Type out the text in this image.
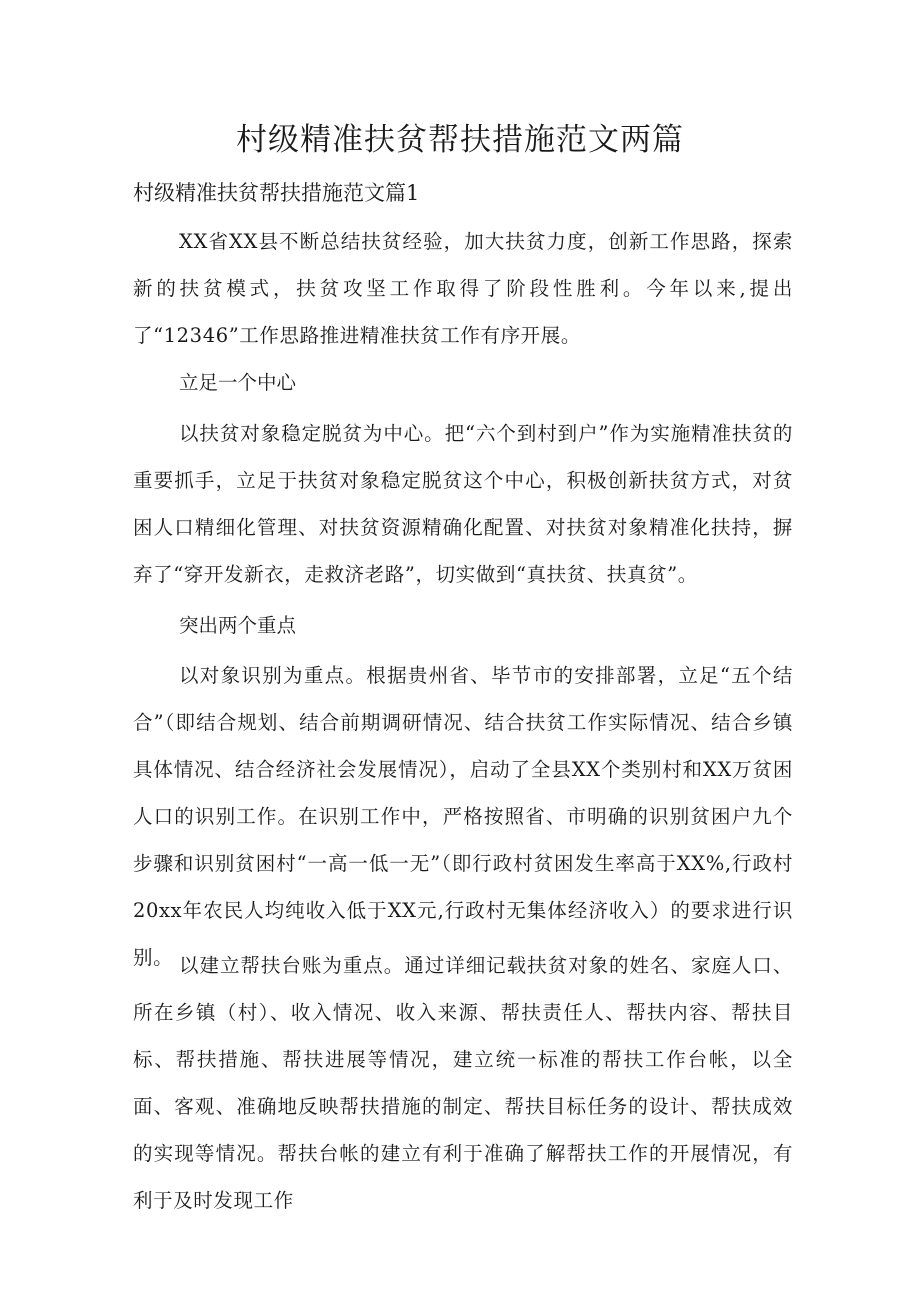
村级精准扶贫帮扶措施范文两篇
村级精准扶贫帮扶措施范文篇1

XX省XX县不断总结扶贫经验，加大扶贫力度，创新工作思路，探索新的扶贫模式，扶贫攻坚工作取得了阶段性胜利。今年以来,提出了“12346”工作思路推进精准扶贫工作有序开展。

立足一个中心

以扶贫对象稳定脱贫为中心。把“六个到村到户”作为实施精准扶贫的重要抓手，立足于扶贫对象稳定脱贫这个中心，积极创新扶贫方式，对贫困人口精细化管理、对扶贫资源精确化配置、对扶贫对象精准化扶持，摒弃了“穿开发新衣，走救济老路”，切实做到“真扶贫、扶真贫”。

突出两个重点

以对象识别为重点。根据贵州省、毕节市的安排部署，立足“五个结合”（即结合规划、结合前期调研情况、结合扶贫工作实际情况、结合乡镇具体情况、结合经济社会发展情况），启动了全县XX个类别村和XX万贫困人口的识别工作。在识别工作中，严格按照省、市明确的识别贫困户九个步骤和识别贫困村“一高一低一无”（即行政村贫困发生率高于XX%,行政村20xx年农民人均纯收入低于XX元,行政村无集体经济收入）的要求进行识别。 以建立帮扶台账为重点。通过详细记载扶贫对象的姓名、家庭人口、所在乡镇（村）、收入情况、收入来源、帮扶责任人、帮扶内容、帮扶目标、帮扶措施、帮扶进展等情况，建立统一标准的帮扶工作台帐，以全面、客观、准确地反映帮扶措施的制定、帮扶目标任务的设计、帮扶成效的实现等情况。帮扶台帐的建立有利于准确了解帮扶工作的开展情况，有利于及时发现工作
